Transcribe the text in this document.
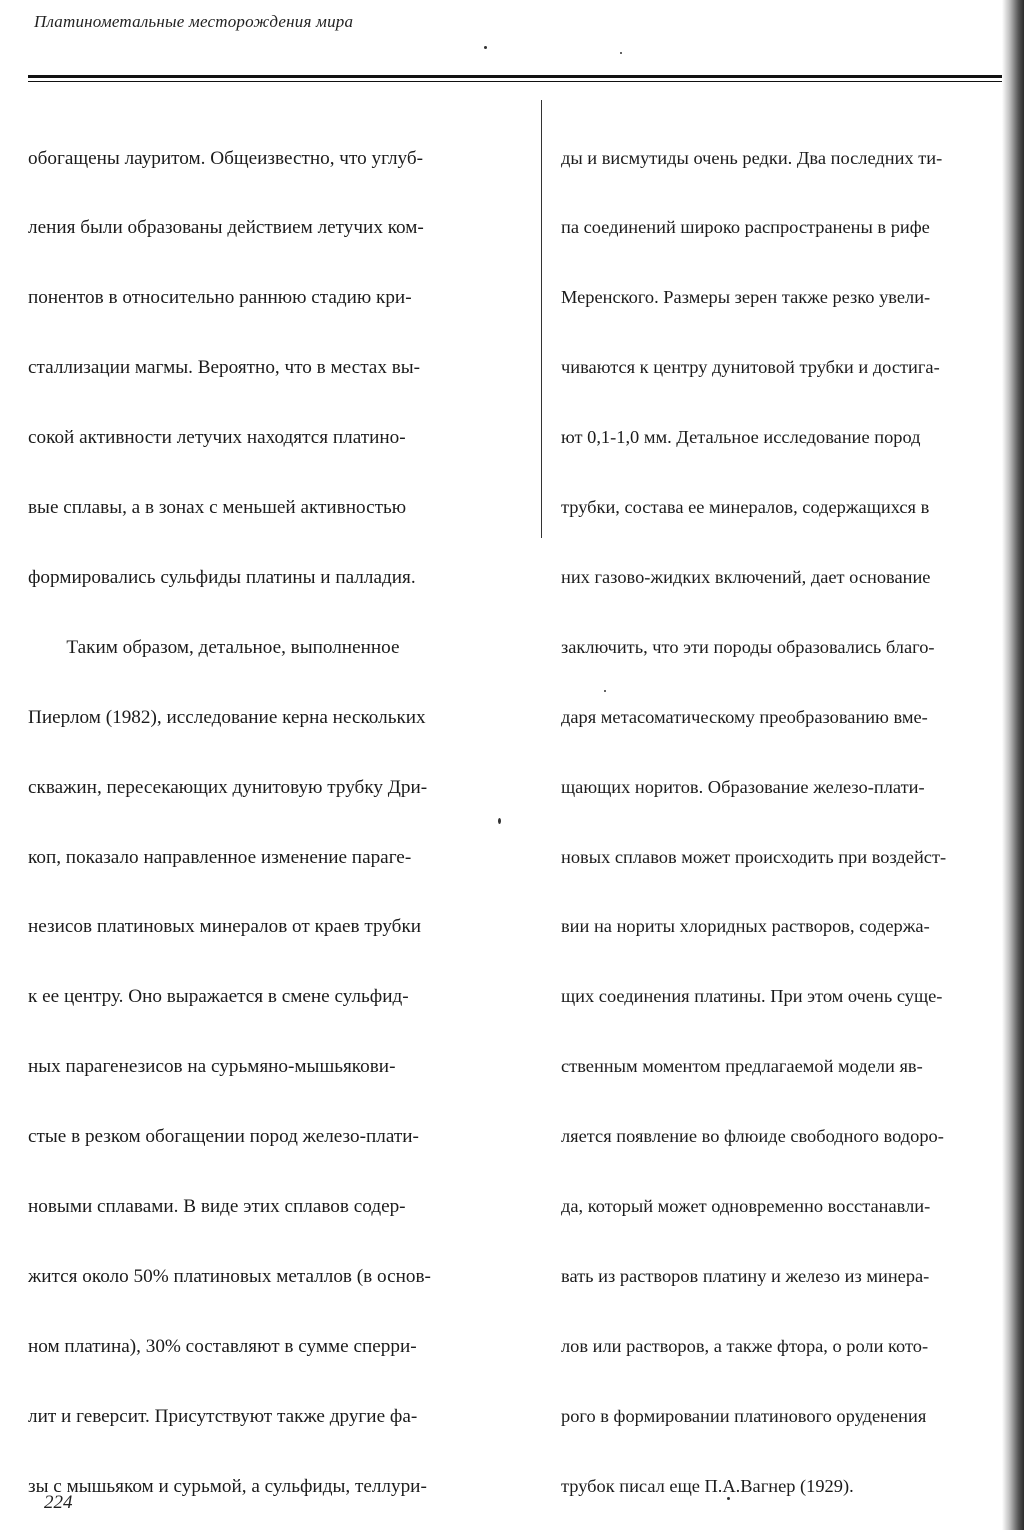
Платинометальные месторождения мира

обогащены лауритом. Общеизвестно, что углуб-

ления были образованы действием летучих ком-

понентов в относительно раннюю стадию кри-

сталлизации магмы. Вероятно, что в местах вы-

сокой активности летучих находятся платино-

вые сплавы, а в зонах с меньшей активностью

формировались сульфиды платины и палладия.

Таким образом, детальное, выполненное

Пиерлом (1982), исследование керна нескольких

скважин, пересекающих дунитовую трубку Дри-

коп, показало направленное изменение параге-

незисов платиновых минералов от краев трубки

к ее центру. Оно выражается в смене сульфид-

ных парагенезисов на сурьмяно-мышьякови-

стые в резком обогащении пород железо-плати-

новыми сплавами. В виде этих сплавов содер-

жится около 50% платиновых металлов (в основ-

ном платина), 30% составляют в сумме сперри-

лит и геверсит. Присутствуют также другие фа-

зы с мышьяком и сурьмой, а сульфиды, теллури-

ды и висмутиды очень редки. Два последних ти-

па соединений широко распространены в рифе

Меренского. Размеры зерен также резко увели-

чиваются к центру дунитовой трубки и достига-

ют 0,1-1,0 мм. Детальное исследование пород

трубки, состава ее минералов, содержащихся в

них газово-жидких включений, дает основание

заключить, что эти породы образовались благо-

даря метасоматическому преобразованию вме-

щающих норитов. Образование железо-плати-

новых сплавов может происходить при воздейст-

вии на нориты хлоридных растворов, содержа-

щих соединения платины. При этом очень суще-

ственным моментом предлагаемой модели яв-

ляется появление во флюиде свободного водоро-

да, который может одновременно восстанавли-

вать из растворов платину и железо из минера-

лов или растворов, а также фтора, о роли кото-

рого в формировании платинового оруденения

трубок писал еще П.А.Вагнер (1929).

224
